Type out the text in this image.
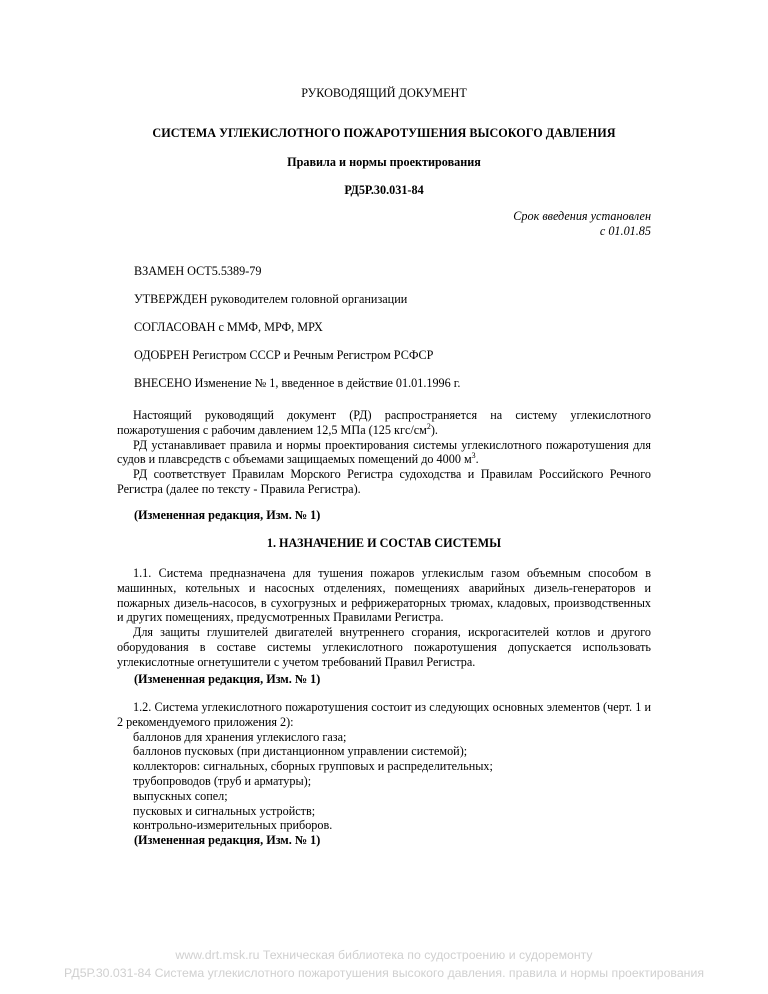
РУКОВОДЯЩИЙ ДОКУМЕНТ
СИСТЕМА УГЛЕКИСЛОТНОГО ПОЖАРОТУШЕНИЯ ВЫСОКОГО ДАВЛЕНИЯ
Правила и нормы проектирования
РД5Р.30.031-84
Срок введения установлен
с 01.01.85
ВЗАМЕН ОСТ5.5389-79
УТВЕРЖДЕН руководителем головной организации
СОГЛАСОВАН с ММФ, МРФ, МРХ
ОДОБРЕН Регистром СССР и Речным Регистром РСФСР
ВНЕСЕНО Изменение № 1, введенное в действие 01.01.1996 г.

Настоящий руководящий документ (РД) распространяется на систему углекислотного пожаротушения с рабочим давлением 12,5 МПа (125 кгс/$см^2$).

РД устанавливает правила и нормы проектирования системы углекислотного пожаротушения для судов и плавсредств с объемами защищаемых помещений до 4000 $м^3$.

РД соответствует Правилам Морского Регистра судоходства и Правилам Российского Речного Регистра (далее по тексту - Правила Регистра).

(Измененная редакция, Изм. № 1)
1. НАЗНАЧЕНИЕ И СОСТАВ СИСТЕМЫ

1.1. Система предназначена для тушения пожаров углекислым газом объемным способом в машинных, котельных и насосных отделениях, помещениях аварийных дизель-генераторов и пожарных дизель-насосов, в сухогрузных и рефрижераторных трюмах, кладовых, производственных и других помещениях, предусмотренных Правилами Регистра.

Для защиты глушителей двигателей внутреннего сгорания, искрогасителей котлов и другого оборудования в составе системы углекислотного пожаротушения допускается использовать углекислотные огнетушители с учетом требований Правил Регистра.

(Измененная редакция, Изм. № 1)

1.2. Система углекислотного пожаротушения состоит из следующих основных элементов (черт. 1 и 2 рекомендуемого приложения 2):

баллонов для хранения углекислого газа;
баллонов пусковых (при дистанционном управлении системой);
коллекторов: сигнальных, сборных групповых и распределительных;
трубопроводов (труб и арматуры);
выпускных сопел;
пусковых и сигнальных устройств;
контрольно-измерительных приборов.
(Измененная редакция, Изм. № 1)
www.drt.msk.ru Техническая библиотека по судостроению и судоремонту
РД5Р.30.031-84 Система углекислотного пожаротушения высокого давления. правила и нормы проектирования
